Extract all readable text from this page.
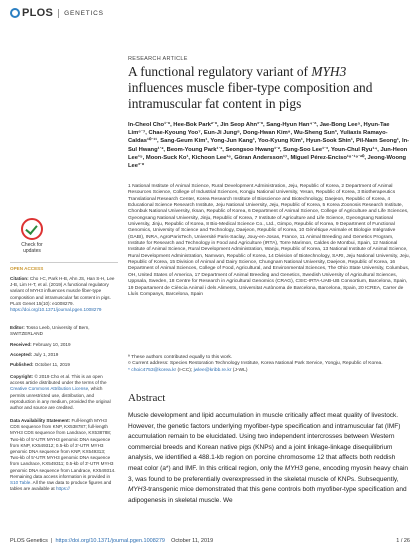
PLOS GENETICS
Check for updates
OPEN ACCESS
Citation: Cho I-C, Park H-B, Ahn JS, Han S-H, Lee J-B, Lim H-T, et al. (2019) A functional regulatory variant of MYH3 influences muscle fiber-type composition and intramuscular fat content in pigs. PLoS Genet 15(10): e1008279. https://doi.org/10.1371/journal.pgen.1008279
Editor: Tosso Leeb, University of Bern, SWITZERLAND
Received: February 10, 2019
Accepted: July 1, 2019
Published: October 11, 2019
Copyright: © 2019 Cho et al. This is an open access article distributed under the terms of the Creative Commons Attribution License, which permits unrestricted use, distribution, and reproduction in any medium, provided the original author and source are credited.
Data Availability Statement: Full-length MYH3 CDS sequence from KNP, KX538787; full-length MYH3 CDS sequence from Landrace, KX538788; Two-kb of 5'-UTR MYH3 genomic DNA sequence from KNP, KX549312; 0.5-kb of 3'-UTR MYH3 genomic DNA sequence from KNP, KX549313; Two-kb of 5'-UTR MYH3 genomic DNA sequence from Landrace, KX549311; 0.5-kb of 3'-UTR MYH3 genomic DNA sequence from Landrace, KX549314. Remaining data access information is provided in S10 Table. All the raw data to produce figures and tables are available at https://
RESEARCH ARTICLE
A functional regulatory variant of MYH3
influences muscle fiber-type composition and
intramuscular fat content in pigs
In-Cheol Cho¹˙ª, Hee-Bok Park²˙ª, Jin Seop Ahn³˙ª, Sang-Hyun Han⁴˙ª, Jae-Bong Lee⁵, Hyun-Tae Lim⁶˙⁷, Chae-Kyoung Yoo⁷, Eun-Ji Jung⁸, Dong-Hwan Kim⁹, Wu-Sheng Sun³, Yuliaxis Ramayo-Caldas¹⁰˙¹¹, Sang-Geum Kim¹, Yong-Jun Kang¹, Yoo-Kyung Kim¹, Hyun-Sook Shin¹, Pil-Nam Seong¹, In-Sul Hwang¹˙², Beom-Young Park¹˙², Seongsoo Hwang¹˙², Sung-Soo Lee¹˙³, Youn-Chul Ryu¹⁴, Jun-Heon Lee¹⁵, Moon-Suck Ko¹, Kichoon Lee¹⁶, Göran Andersson¹⁷, Miguel Pérez-Enciso¹⁸˙¹⁹˙²⁰, Jeong-Woong Lee³˙*
1 National Institute of Animal Science, Rural Development Administration, Jeju, Republic of Korea, 2 Department of Animal Resources Science, College of Industrial Sciences, Kongju National University, Yesan, Republic of Korea, 3 Biotherapeutics Translational Research Center, Korea Research Institute of Bioscience and Biotechnology, Daejeon, Republic of Korea, 4 Educational Science Research Institute, Jeju National University, Jeju, Republic of Korea, 5 Korea Zoonosis Research Institute, Chonbuk National University, Iksan, Republic of Korea, 6 Department of Animal Science, College of Agriculture and Life Sciences, Gyeongsang National University, Jinju, Republic of Korea, 7 Institute of Agriculture and Life Science, Gyeongsang National University, Jinju, Republic of Korea, 8 Bio-Medical Science Co., Ltd., Gimpo, Republic of Korea, 9 Department of Functional Genomics, University of Science and Technology, Daejeon, Republic of Korea, 10 Génétique Animale et Biologie Intégrative (GABI), INRA, AgroParisTech, Université Paris-Saclay, Jouy-en-Josas, France, 11 Animal Breeding and Genetics Program, Institute for Research and Technology in Food and Agriculture (IRTA), Torre Marimon, Caldes de Montbui, Spain, 12 National Institute of Animal Science, Rural Development Administration, Wanju, Republic of Korea, 13 National Institute of Animal Science, Rural Development Administration, Namwon, Republic of Korea, 14 Division of Biotechnology, SARI, Jeju National University, Jeju, Republic of Korea, 15 Division of Animal and Dairy Science, Chungnam National University, Daejeon, Republic of Korea, 16 Department of Animal Sciences, College of Food, Agricultural, and Environmental Sciences, The Ohio State University, Columbus, OH, United States of America, 17 Department of Animal Breeding and Genetics, Swedish University of Agricultural Sciences, Uppsala, Sweden, 18 Centre for Research in Agricultural Genomics (CRAG), CSIC-IRTA-UAB-UB Consortium, Barcelona, Spain, 19 Departament de Ciència Animal i dels Aliments, Universitat Autònoma de Barcelona, Barcelona, Spain, 20 ICREA, Carrer de Lluís Companys, Barcelona, Spain
ª These authors contributed equally to this work.
¤ Current address: Species Restoration Technology Institute, Korea National Park Service, Yongju, Republic of Korea.
* choic4753@korea.kr (I-CC); jwlee@kribb.re.kr (J-WL)
Abstract
Muscle development and lipid accumulation in muscle critically affect meat quality of livestock. However, the genetic factors underlying myofiber-type specification and intramuscular fat (IMF) accumulation remain to be elucidated. Using two independent intercrosses between Western commercial breeds and Korean native pigs (KNPs) and a joint linkage-linkage disequilibrium analysis, we identified a 488.1-kb region on porcine chromosome 12 that affects both reddish meat color (a*) and IMF. In this critical region, only the MYH3 gene, encoding myosin heavy chain 3, was found to be preferentially overexpressed in the skeletal muscle of KNPs. Subsequently, MYH3-transgenic mice demonstrated that this gene controls both myofiber-type specification and adipogenesis in skeletal muscle. We
PLOS Genetics  |  https://doi.org/10.1371/journal.pgen.1008279 October 11, 2019	1 / 26
